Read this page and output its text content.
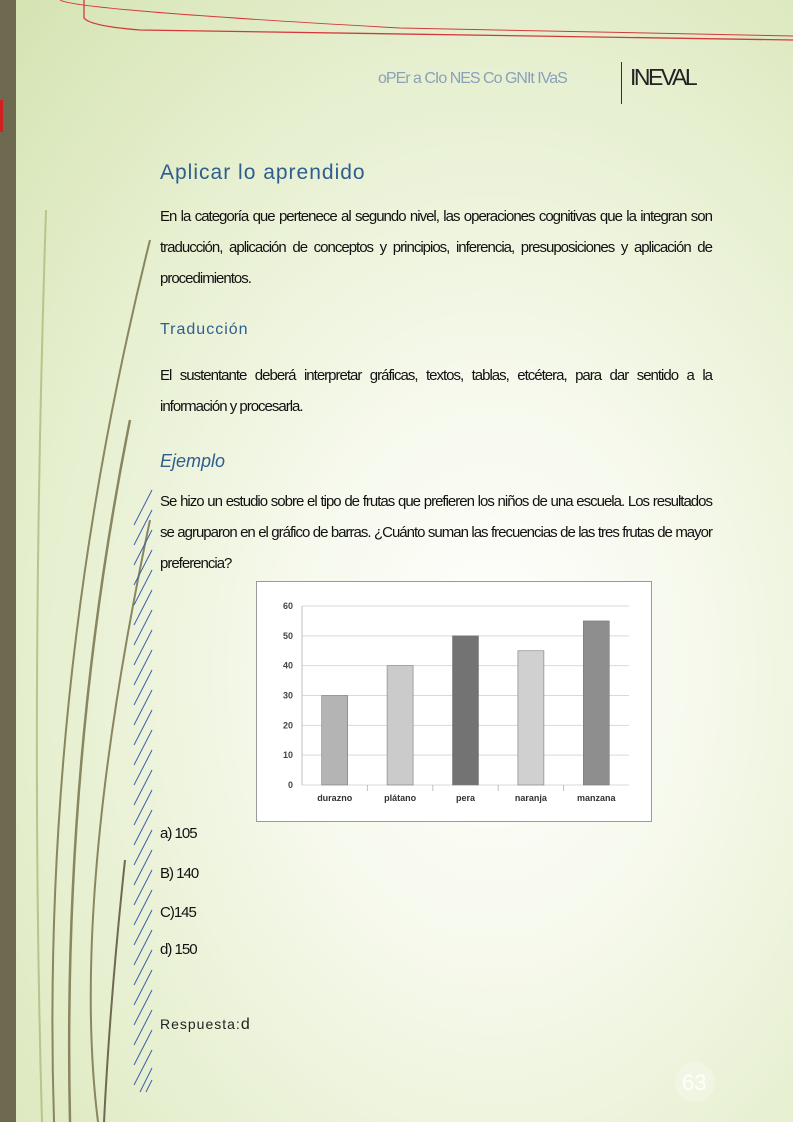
oPEr a CIo NES Co GNIt IVaS	INEVAL
Aplicar lo aprendido
En la categoría que pertenece al segundo nivel, las operaciones cognitivas que la integran son traducción, aplicación de conceptos y principios, inferencia, presuposiciones y aplicación de procedimientos.
Traducción
El sustentante deberá interpretar gráficas, textos, tablas, etcétera, para dar sentido a la información y procesarla.
Ejemplo
Se hizo un estudio sobre el tipo de frutas que prefieren los niños de una escuela. Los resultados se agruparon en el gráfico de barras. ¿Cuánto suman las frecuencias de las tres frutas de mayor preferencia?
0
10
20
30
40
50
60
durazno	plátano	pera	naranja	manzana
a) 105
B) 140
C)145
d) 150
Respuesta:d
63
